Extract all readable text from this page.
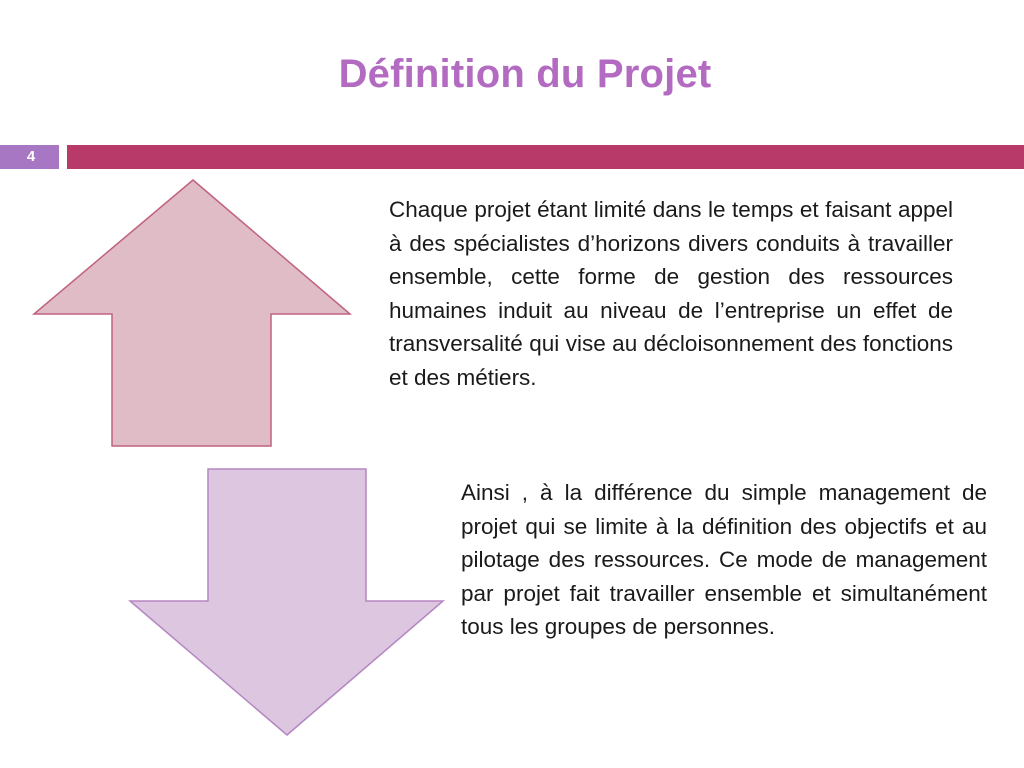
Définition du Projet
4

Chaque projet étant limité dans le temps et faisant appel à des spécialistes d’horizons divers conduits à travailler ensemble, cette forme de gestion des ressources humaines induit au niveau de l’entreprise un effet de transversalité qui vise au décloisonnement des fonctions et des métiers.

Ainsi , à la différence du simple management de projet qui se limite à la définition des objectifs et au pilotage des ressources. Ce mode de management par projet fait travailler ensemble et simultanément tous les groupes de personnes.
